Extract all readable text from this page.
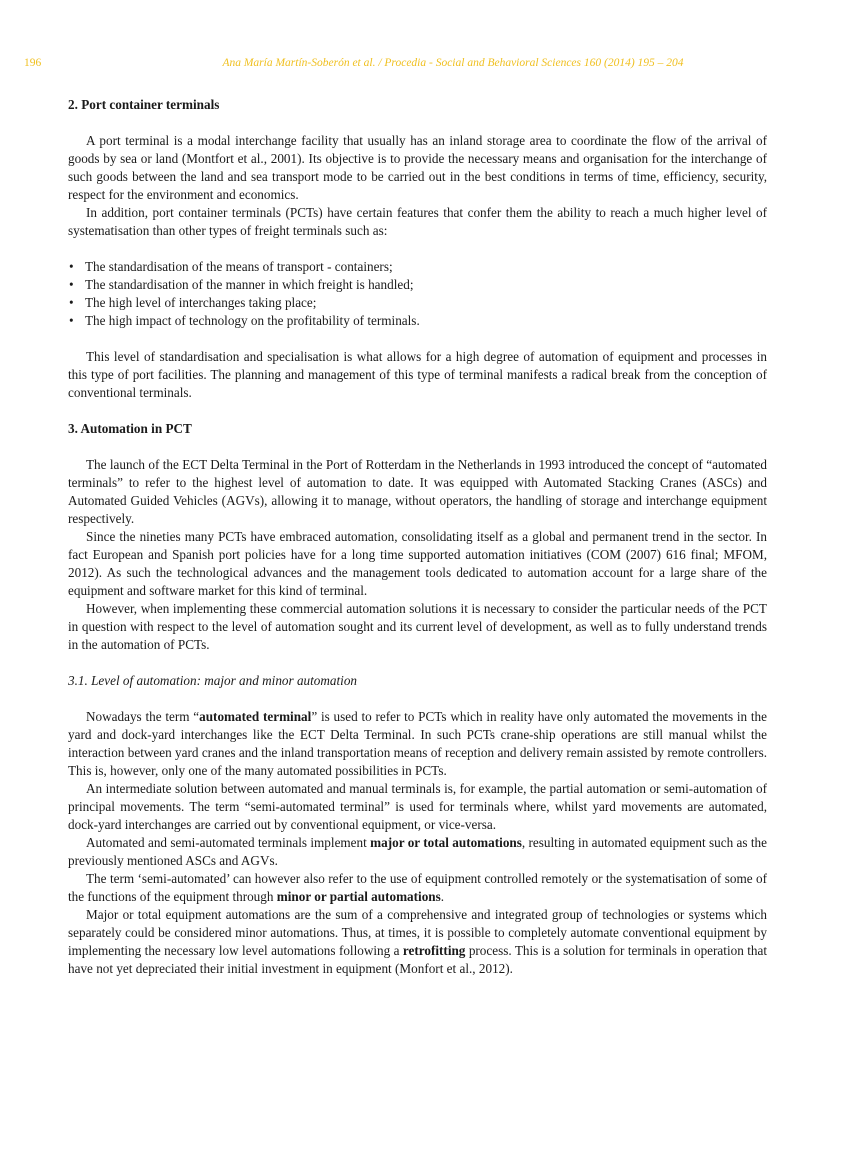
196	Ana María Martín-Soberón et al. / Procedia - Social and Behavioral Sciences 160 (2014) 195 – 204
2. Port container terminals

A port terminal is a modal interchange facility that usually has an inland storage area to coordinate the flow of the arrival of goods by sea or land (Montfort et al., 2001). Its objective is to provide the necessary means and organisation for the interchange of such goods between the land and sea transport mode to be carried out in the best conditions in terms of time, efficiency, security, respect for the environment and economics.

In addition, port container terminals (PCTs) have certain features that confer them the ability to reach a much higher level of systematisation than other types of freight terminals such as:

• The standardisation of the means of transport - containers;
• The standardisation of the manner in which freight is handled;
• The high level of interchanges taking place;
• The high impact of technology on the profitability of terminals.

This level of standardisation and specialisation is what allows for a high degree of automation of equipment and processes in this type of port facilities. The planning and management of this type of terminal manifests a radical break from the conception of conventional terminals.

3. Automation in PCT

The launch of the ECT Delta Terminal in the Port of Rotterdam in the Netherlands in 1993 introduced the concept of “automated terminals” to refer to the highest level of automation to date. It was equipped with Automated Stacking Cranes (ASCs) and Automated Guided Vehicles (AGVs), allowing it to manage, without operators, the handling of storage and interchange equipment respectively.

Since the nineties many PCTs have embraced automation, consolidating itself as a global and permanent trend in the sector. In fact European and Spanish port policies have for a long time supported automation initiatives (COM (2007) 616 final; MFOM, 2012). As such the technological advances and the management tools dedicated to automation account for a large share of the equipment and software market for this kind of terminal.

However, when implementing these commercial automation solutions it is necessary to consider the particular needs of the PCT in question with respect to the level of automation sought and its current level of development, as well as to fully understand trends in the automation of PCTs.

3.1. Level of automation: major and minor automation

Nowadays the term “automated terminal” is used to refer to PCTs which in reality have only automated the movements in the yard and dock-yard interchanges like the ECT Delta Terminal. In such PCTs crane-ship operations are still manual whilst the interaction between yard cranes and the inland transportation means of reception and delivery remain assisted by remote controllers. This is, however, only one of the many automated possibilities in PCTs.

An intermediate solution between automated and manual terminals is, for example, the partial automation or semi-automation of principal movements. The term “semi-automated terminal” is used for terminals where, whilst yard movements are automated, dock-yard interchanges are carried out by conventional equipment, or vice-versa.

Automated and semi-automated terminals implement major or total automations, resulting in automated equipment such as the previously mentioned ASCs and AGVs.

The term ‘semi-automated’ can however also refer to the use of equipment controlled remotely or the systematisation of some of the functions of the equipment through minor or partial automations.

Major or total equipment automations are the sum of a comprehensive and integrated group of technologies or systems which separately could be considered minor automations. Thus, at times, it is possible to completely automate conventional equipment by implementing the necessary low level automations following a retrofitting process. This is a solution for terminals in operation that have not yet depreciated their initial investment in equipment (Monfort et al., 2012).
